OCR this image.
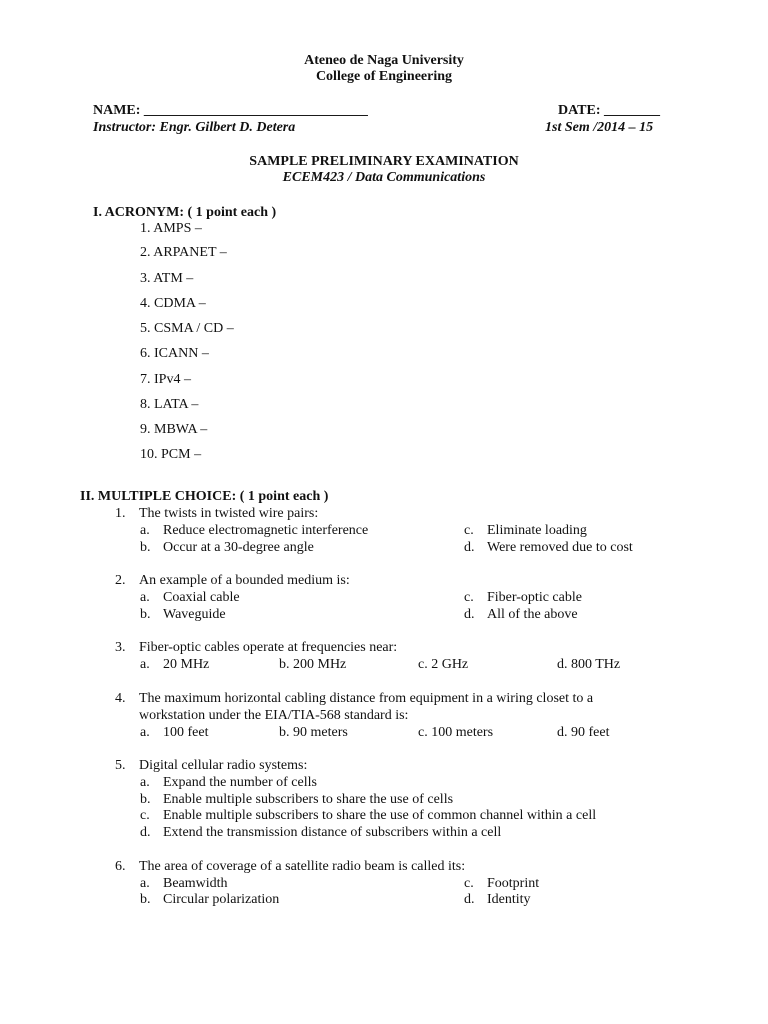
Ateneo de Naga University
College of Engineering
NAME: ________________________________	DATE: ________
Instructor: Engr. Gilbert D. Detera	1st Sem /2014 – 15
SAMPLE PRELIMINARY EXAMINATION
ECEM423 / Data Communications
I. ACRONYM: ( 1 point each )
1. AMPS –
2. ARPANET –
3. ATM –
4. CDMA –
5. CSMA / CD –
6. ICANN –
7. IPv4 –
8. LATA –
9. MBWA –
10. PCM –
II. MULTIPLE CHOICE: ( 1 point each )
1. The twists in twisted wire pairs:
a. Reduce electromagnetic interference
b. Occur at a 30-degree angle
c. Eliminate loading
d. Were removed due to cost
2. An example of a bounded medium is:
a. Coaxial cable
b. Waveguide
c. Fiber-optic cable
d. All of the above
3. Fiber-optic cables operate at frequencies near:
a. 20 MHz	b. 200 MHz	c. 2 GHz	d. 800 THz
4. The maximum horizontal cabling distance from equipment in a wiring closet to a
workstation under the EIA/TIA-568 standard is:
a. 100 feet	b. 90 meters	c. 100 meters	d. 90 feet
5. Digital cellular radio systems:
a. Expand the number of cells
b. Enable multiple subscribers to share the use of cells
c. Enable multiple subscribers to share the use of common channel within a cell
d. Extend the transmission distance of subscribers within a cell
6. The area of coverage of a satellite radio beam is called its:
a. Beamwidth
b. Circular polarization
c. Footprint
d. Identity
